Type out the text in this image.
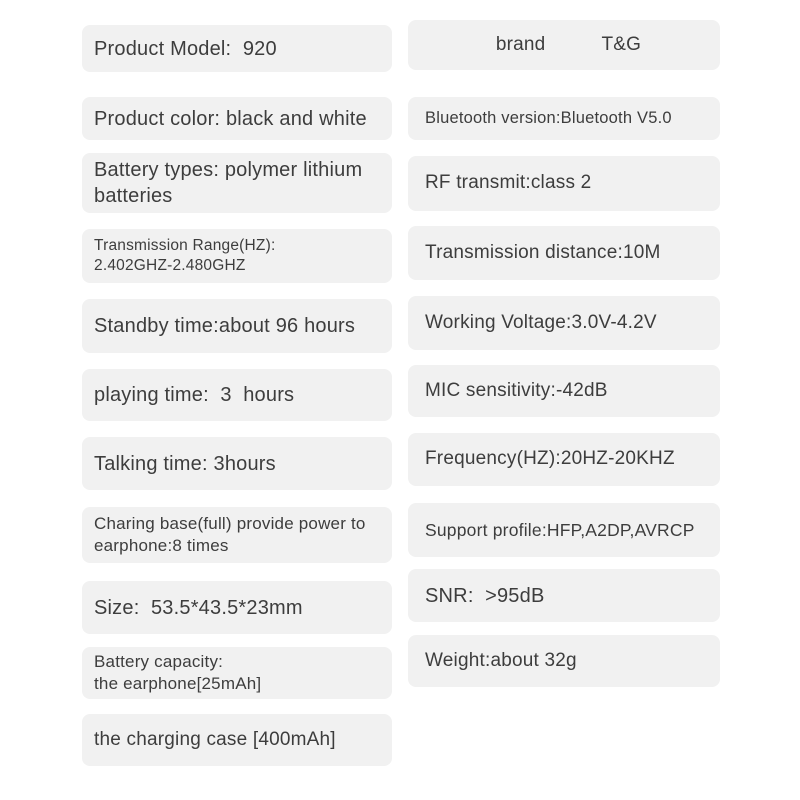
Product Model:  920
Product color: black and white
Battery types: polymer lithium
batteries
Transmission Range(HZ):
2.402GHZ-2.480GHZ
Standby time:about 96 hours
playing time:  3  hours
Talking time: 3hours
Charing base(full) provide power to
earphone:8 times
Size:  53.5*43.5*23mm
Battery capacity:
the earphone[25mAh]
the charging case [400mAh]
brand	T&G
Bluetooth version:Bluetooth V5.0
RF transmit:class 2
Transmission distance:10M
Working Voltage:3.0V-4.2V
MIC sensitivity:-42dB
Frequency(HZ):20HZ-20KHZ
Support profile:HFP,A2DP,AVRCP
SNR:  >95dB
Weight:about 32g
